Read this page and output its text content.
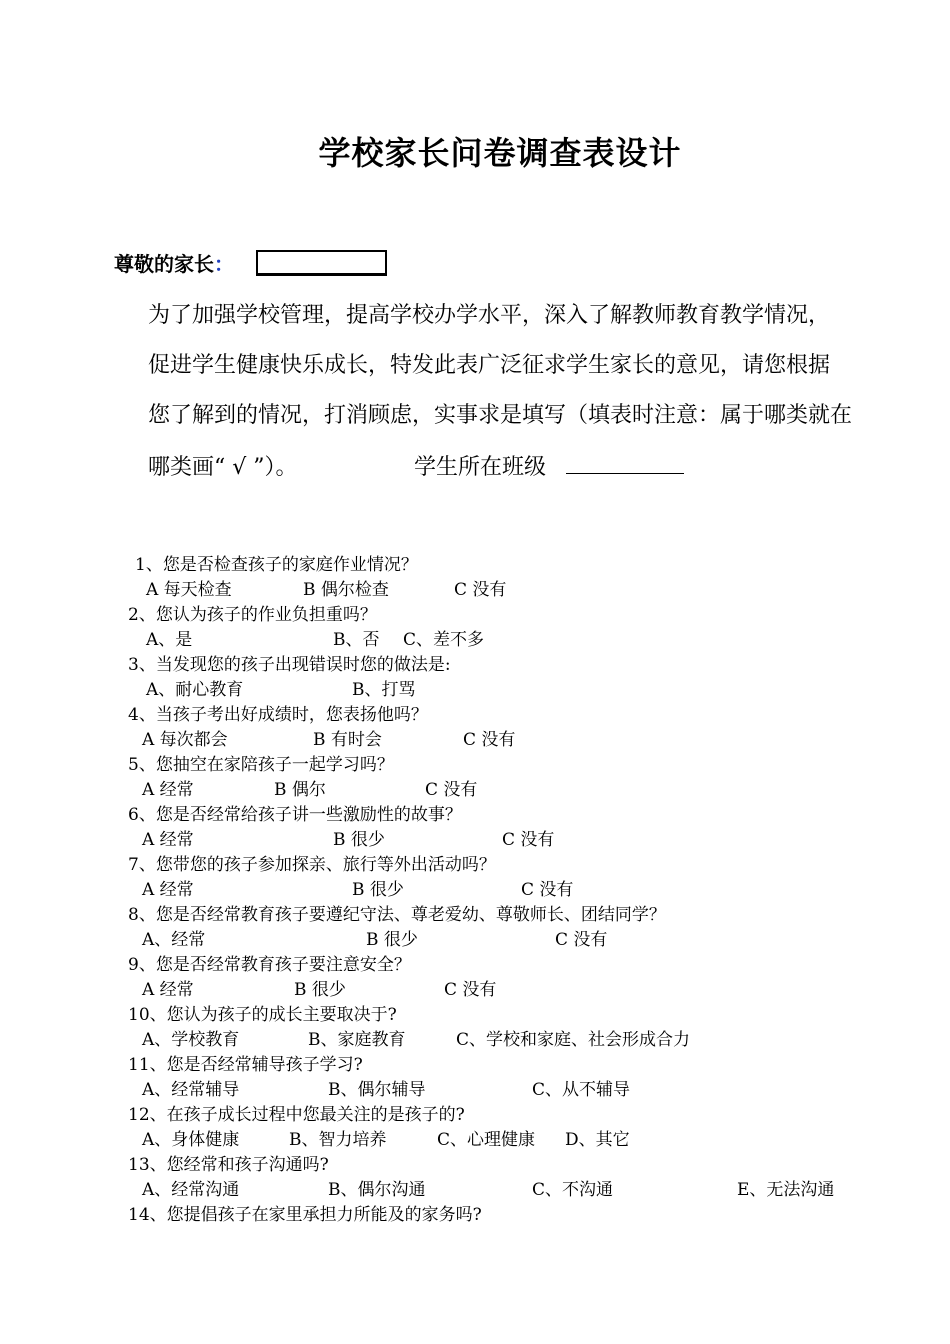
学校家长问卷调查表设计
尊敬的家长：
为了加强学校管理，提高学校办学水平，深入了解教师教育教学情况，
促进学生健康快乐成长，特发此表广泛征求学生家长的意见，请您根据
您了解到的情况，打消顾虑，实事求是填写（填表时注意：属于哪类就在
哪类画“ √ ”）。	学生所在班级
1、您是否检查孩子的家庭作业情况？
A 每天检查	B 偶尔检查	C 没有
2、您认为孩子的作业负担重吗？
A、是	B、否 C、差不多
3、当发现您的孩子出现错误时您的做法是:
A、耐心教育	B、打骂
4、当孩子考出好成绩时，您表扬他吗？
A 每次都会	B 有时会	C 没有
5、您抽空在家陪孩子一起学习吗？
A 经常	B 偶尔	C 没有
6、您是否经常给孩子讲一些激励性的故事？
A 经常	B 很少	C 没有
7、您带您的孩子参加探亲、旅行等外出活动吗？
A 经常	B 很少	C 没有
8、您是否经常教育孩子要遵纪守法、尊老爱幼、尊敬师长、团结同学？
A、经常	B 很少	C 没有
9、您是否经常教育孩子要注意安全？
A 经常	B 很少	C 没有
10、您认为孩子的成长主要取决于?
A、学校教育	B、家庭教育	C、学校和家庭、社会形成合力
11、您是否经常辅导孩子学习?
A、经常辅导	B、偶尔辅导	C、从不辅导
12、在孩子成长过程中您最关注的是孩子的?
A、身体健康	B、智力培养	C、心理健康 D、其它
13、您经常和孩子沟通吗?
A、经常沟通	B、偶尔沟通	C、不沟通	E、无法沟通
14、您提倡孩子在家里承担力所能及的家务吗?
